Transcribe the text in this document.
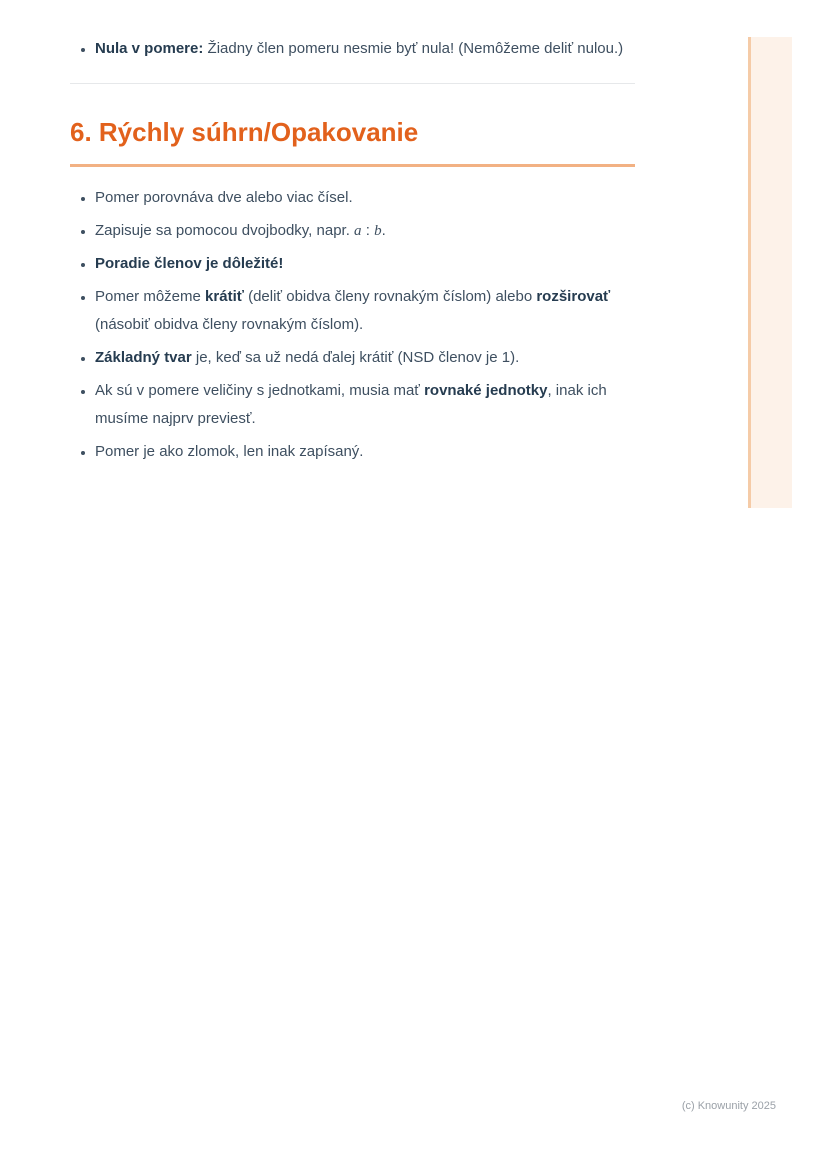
• Nula v pomere: Žiadny člen pomeru nesmie byť nula! (Nemôžeme deliť nulou.)
6. Rýchly súhrn/Opakovanie
• Pomer porovnáva dve alebo viac čísel.
• Zapisuje sa pomocou dvojbodky, napr. a : b.
• Poradie členov je dôležité!
• Pomer môžeme krátiť (deliť obidva členy rovnakým číslom) alebo rozširovať (násobiť obidva členy rovnakým číslom).
• Základný tvar je, keď sa už nedá ďalej krátiť (NSD členov je 1).
• Ak sú v pomere veličiny s jednotkami, musia mať rovnaké jednotky, inak ich musíme najprv previesť.
• Pomer je ako zlomok, len inak zapísaný.
(c) Knowunity 2025
